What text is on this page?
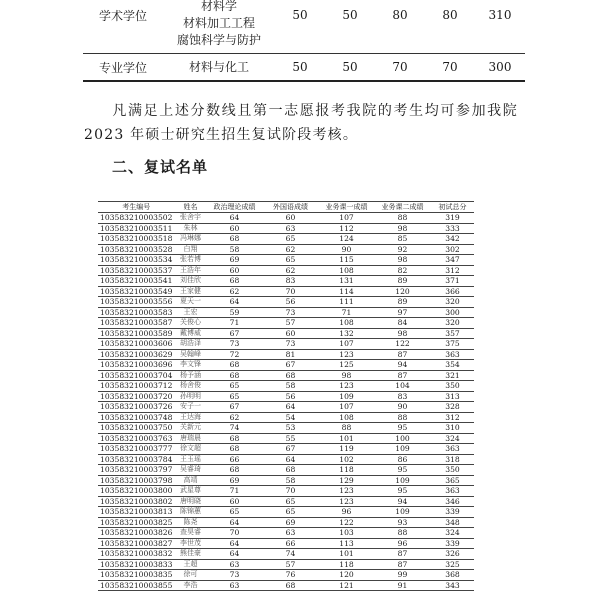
学术学位	材料学
材料加工工程
腐蚀科学与防护	50	50	80	80	310
专业学位	材料与化工	50	50	70	70	300

凡满足上述分数线且第一志愿报考我院的考生均可参加我院 2023 年硕士研究生招生复试阶段考核。

二、复试名单
考生编号	姓名	政治理论成绩	外国语成绩	业务课一成绩	业务课二成绩	初试总分
103583210003502	张舍宇	64	60	107	88	319
103583210003511	朱林	60	63	112	98	333
103583210003518	冯琳娜	68	65	124	85	342
103583210003528	白翔	58	62	90	92	302
103583210003534	张若博	69	65	115	98	347
103583210003537	王浩年	60	62	108	82	312
103583210003541	刘佳欣	68	83	131	89	371
103583210003549	王家健	62	70	114	120	366
103583210003556	夏天一	64	56	111	89	320
103583210003583	王宏	59	73	71	97	300
103583210003587	关俊心	71	57	108	84	320
103583210003589	戴博威	67	60	132	98	357
103583210003606	胡浩泽	73	73	107	122	375
103583210003629	吴翰峰	72	81	123	87	363
103583210003696	李文锋	68	67	125	94	354
103583210003704	杨予涵	68	68	98	87	321
103583210003712	杨舍俊	65	58	123	104	350
103583210003720	孙明明	65	56	109	83	313
103583210003726	安子一	67	64	107	90	328
103583210003748	王达海	62	54	108	88	312
103583210003750	关新元	74	53	88	95	310
103583210003763	唐瑞晨	68	55	101	100	324
103583210003777	徐文超	68	67	119	109	363
103583210003784	王玉瑶	66	64	102	86	318
103583210003797	吴睿琦	68	68	118	95	350
103583210003798	高靖	69	58	129	109	365
103583210003800	武星尊	71	70	123	95	363
103583210003802	唐明晓	60	65	123	94	346
103583210003813	陈锦蕙	65	65	96	109	339
103583210003825	陈尧	64	69	122	93	348
103583210003826	查昊睿	70	63	103	88	324
103583210003827	李世茂	64	66	113	96	339
103583210003832	熊佳豪	64	74	101	87	326
103583210003833	王超	63	57	118	87	325
103583210003835	徐可	73	76	120	99	368
103583210003855	李浩	63	68	121	91	343
